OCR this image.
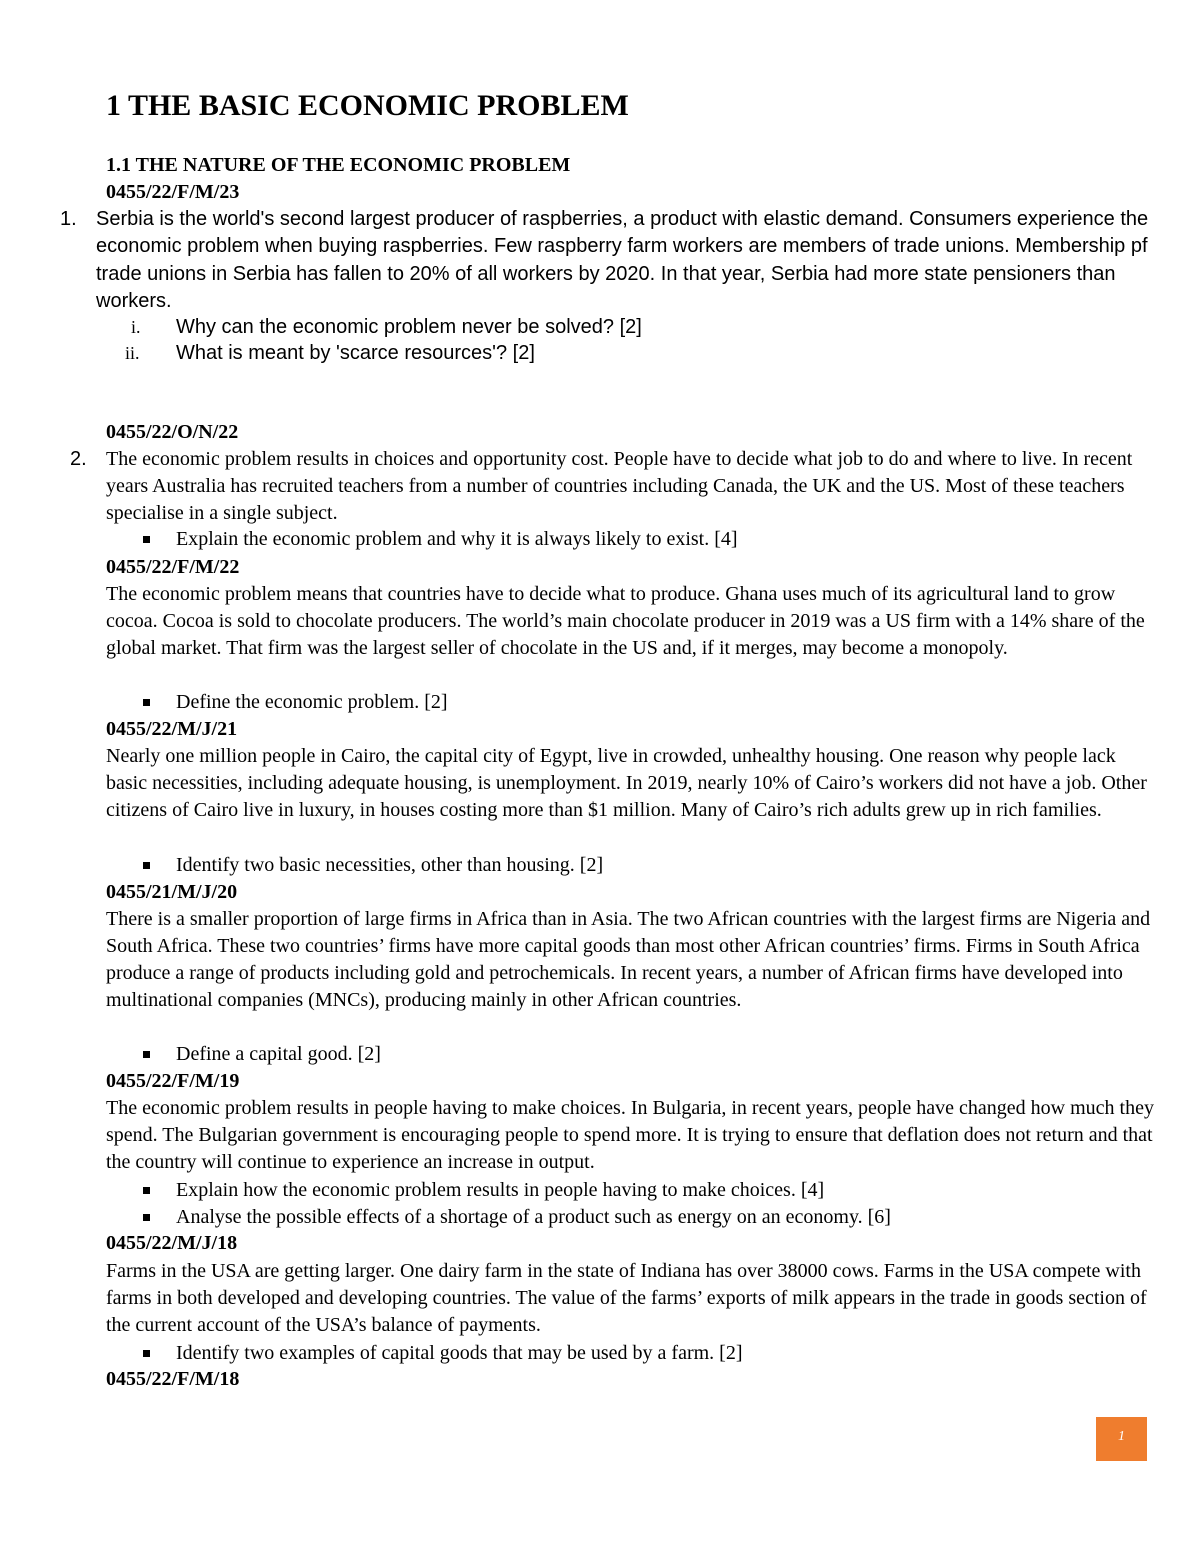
1 THE BASIC ECONOMIC PROBLEM
1.1 THE NATURE OF THE ECONOMIC PROBLEM
0455/22/F/M/23
1. Serbia is the world's second largest producer of raspberries, a product with elastic demand. Consumers experience the economic problem when buying raspberries. Few raspberry farm workers are members of trade unions. Membership pf trade unions in Serbia has fallen to 20% of all workers by 2020. In that year, Serbia had more state pensioners than workers.

i. Why can the economic problem never be solved? [2]
ii. What is meant by 'scarce resources'? [2]
0455/22/O/N/22
2. The economic problem results in choices and opportunity cost. People have to decide what job to do and where to live. In recent years Australia has recruited teachers from a number of countries including Canada, the UK and the US. Most of these teachers specialise in a single subject.

Explain the economic problem and why it is always likely to exist. [4]
0455/22/F/M/22

The economic problem means that countries have to decide what to produce. Ghana uses much of its agricultural land to grow cocoa. Cocoa is sold to chocolate producers. The world’s main chocolate producer in 2019 was a US firm with a 14% share of the global market. That firm was the largest seller of chocolate in the US and, if it merges, may become a monopoly.

Define the economic problem. [2]
0455/22/M/J/21

Nearly one million people in Cairo, the capital city of Egypt, live in crowded, unhealthy housing. One reason why people lack basic necessities, including adequate housing, is unemployment. In 2019, nearly 10% of Cairo’s workers did not have a job. Other citizens of Cairo live in luxury, in houses costing more than $1 million. Many of Cairo’s rich adults grew up in rich families.

Identify two basic necessities, other than housing. [2]
0455/21/M/J/20

There is a smaller proportion of large firms in Africa than in Asia. The two African countries with the largest firms are Nigeria and South Africa. These two countries’ firms have more capital goods than most other African countries’ firms. Firms in South Africa produce a range of products including gold and petrochemicals. In recent years, a number of African firms have developed into multinational companies (MNCs), producing mainly in other African countries.

Define a capital good. [2]
0455/22/F/M/19

The economic problem results in people having to make choices. In Bulgaria, in recent years, people have changed how much they spend. The Bulgarian government is encouraging people to spend more. It is trying to ensure that deflation does not return and that the country will continue to experience an increase in output.

Explain how the economic problem results in people having to make choices. [4]
Analyse the possible effects of a shortage of a product such as energy on an economy. [6]
0455/22/M/J/18

Farms in the USA are getting larger. One dairy farm in the state of Indiana has over 38000 cows. Farms in the USA compete with farms in both developed and developing countries. The value of the farms’ exports of milk appears in the trade in goods section of the current account of the USA’s balance of payments.

Identify two examples of capital goods that may be used by a farm. [2]
0455/22/F/M/18
1
